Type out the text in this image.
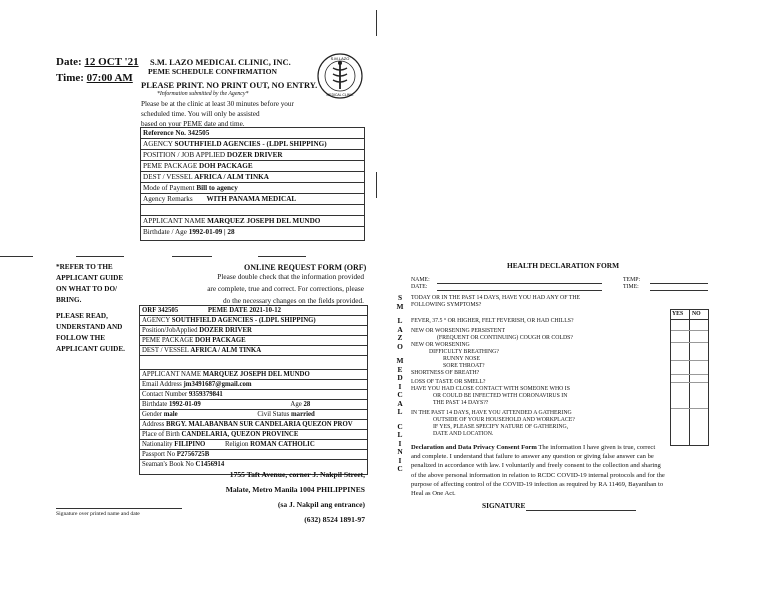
Date: 12 OCT '21
Time: 07:00 AM
S.M. LAZO MEDICAL CLINIC, INC.
PEME SCHEDULE CONFIRMATION
PLEASE PRINT. NO PRINT OUT, NO ENTRY.
*Information submitted by the Agency*
Please be at the clinic at least 30 minutes before your
scheduled time. You will only be assisted
based on your PEME date and time.
S.M.LAZO
MEDICAL CLINIC
Reference No. 342505
AGENCY SOUTHFIELD AGENCIES - (LDPL SHIPPING)
POSITION / JOB APPLIED DOZER DRIVER
PEME PACKAGE DOH PACKAGE
DEST / VESSEL AFRICA / ALM TINKA
Mode of Payment Bill to agency
Agency Remarks WITH PANAMA MEDICAL
APPLICANT NAME MARQUEZ JOSEPH DEL MUNDO
Birthdate / Age 1992-01-09 | 28
*REFER TO THE
APPLICANT GUIDE
ON WHAT TO DO/
BRING.
PLEASE READ,
UNDERSTAND AND
FOLLOW THE
APPLICANT GUIDE.
Signature over printed name and date
ONLINE REQUEST FORM (ORF)
Please double check that the information provided
are complete, true and correct. For corrections, please
do the necessary changes on the fields provided.
ORF 342505	PEME DATE 2021-10-12
AGENCY SOUTHFIELD AGENCIES - (LDPL SHIPPING)
Position/JobApplied DOZER DRIVER
PEME PACKAGE DOH PACKAGE
DEST / VESSEL AFRICA / ALM TINKA
APPLICANT NAME MARQUEZ JOSEPH DEL MUNDO
Email Address jm3491687@gmail.com
Contact Number 9359379841
Birthdate 1992-01-09	Age 28
Gender male	Civil Status married
Address BRGY. MALABANBAN SUR CANDELARIA QUEZON PROV
Place of Birth CANDELARIA, QUEZON PROVINCE
Nationality FILIPINO	Religion ROMAN CATHOLIC
Passport No P2756725B
Seaman's Book No C1456914
1755 Taft Avenue, corner J. Nakpil Street,
Malate, Metro Manila 1004 PHILIPPINES
(sa J. Nakpil ang entrance)
(632) 8524 1891-97
S
M
L
A
Z
O
M
E
D
I
C
A
L
C
L
I
N
I
C
HEALTH DECLARATION FORM
NAME:
DATE:
TEMP:
TIME:
TODAY OR IN THE PAST 14 DAYS, HAVE YOU HAD ANY OF THE
FOLLOWING SYMPTOMS?
YES NO
FEVER, 37.5 ° OR HIGHER, FELT FEVERISH, OR HAD CHILLS?
NEW OR WORSENING PERSISTENT
(FREQUENT OR CONTINUING) COUGH OR COLDS?
NEW OR WORSENING
DIFFICULTY BREATHING?
RUNNY NOSE
SORE THROAT?
SHORTNESS OF BREATH?
LOSS OF TASTE OR SMELL?
HAVE YOU HAD CLOSE CONTACT WITH SOMEONE WHO IS
OR COULD BE INFECTED WITH CORONAVIRUS IN
THE PAST 14 DAYS??
IN THE PAST 14 DAYS, HAVE YOU ATTENDED A GATHERING
OUTSIDE OF YOUR HOUSEHOLD AND WORKPLACE?
IF YES, PLEASE SPECIFY NATURE OF GATHERING,
DATE AND LOCATION.
Declaration and Data Privacy Consent Form The information I have given is true, correct
and complete. I understand that failure to answer any question or giving false answer can be
penalized in accordance with law. I voluntarily and freely consent to the collection and sharing
of the above personal information in relation to RCDC COVID-19 internal protocols and for the
purpose of affecting control of the COVID-19 infection as required by RA 11469, Bayanihan to
Heal as One Act.
SIGNATURE
